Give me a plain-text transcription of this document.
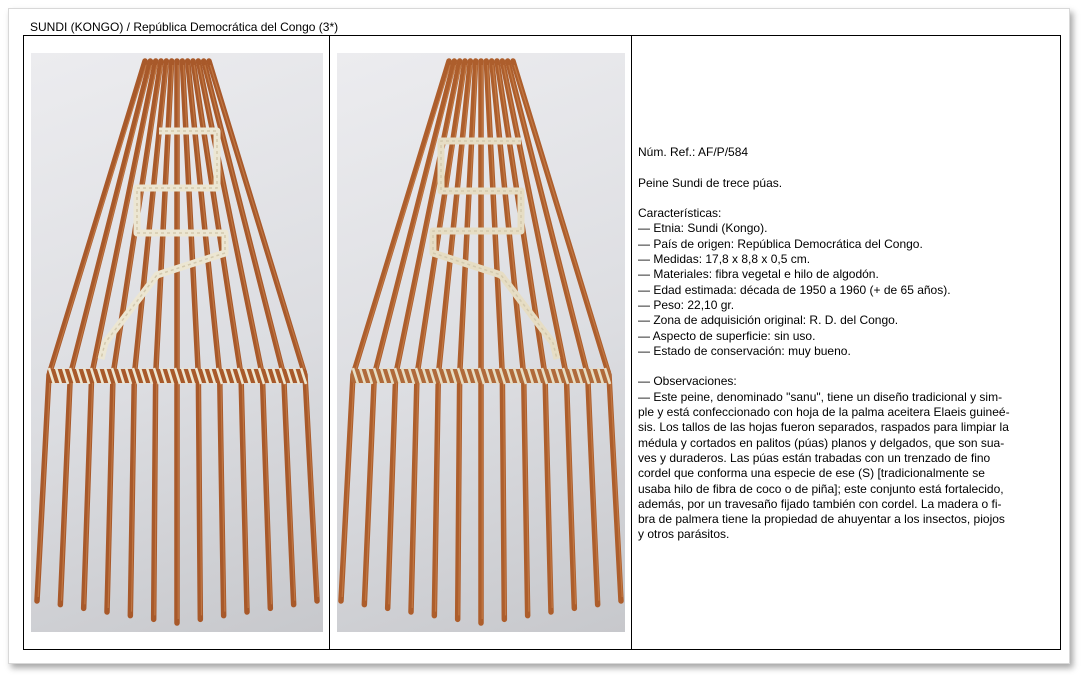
SUNDI (KONGO) / República Democrática del Congo (3*)
Núm. Ref.: AF/P/584
Peine Sundi de trece púas.
Características:
— Etnia: Sundi (Kongo).
— País de origen: República Democrática del Congo.
— Medidas: 17,8 x 8,8 x 0,5 cm.
— Materiales: fibra vegetal e hilo de algodón.
— Edad estimada: década de 1950 a 1960 (+ de 65 años).
— Peso: 22,10 gr.
— Zona de adquisición original: R. D. del Congo.
— Aspecto de superficie: sin uso.
— Estado de conservación: muy bueno.
— Observaciones:
— Este peine, denominado "sanu", tiene un diseño tradicional y sim-
ple y está confeccionado con hoja de la palma aceitera Elaeis guineé-
sis. Los tallos de las hojas fueron separados, raspados para limpiar la
médula y cortados en palitos (púas) planos y delgados, que son sua-
ves y duraderos. Las púas están trabadas con un trenzado de fino
cordel que conforma una especie de ese (S) [tradicionalmente se
usaba hilo de fibra de coco o de piña]; este conjunto está fortalecido,
además, por un travesaño fijado también con cordel. La madera o fi-
bra de palmera tiene la propiedad de ahuyentar a los insectos, piojos
y otros parásitos.
